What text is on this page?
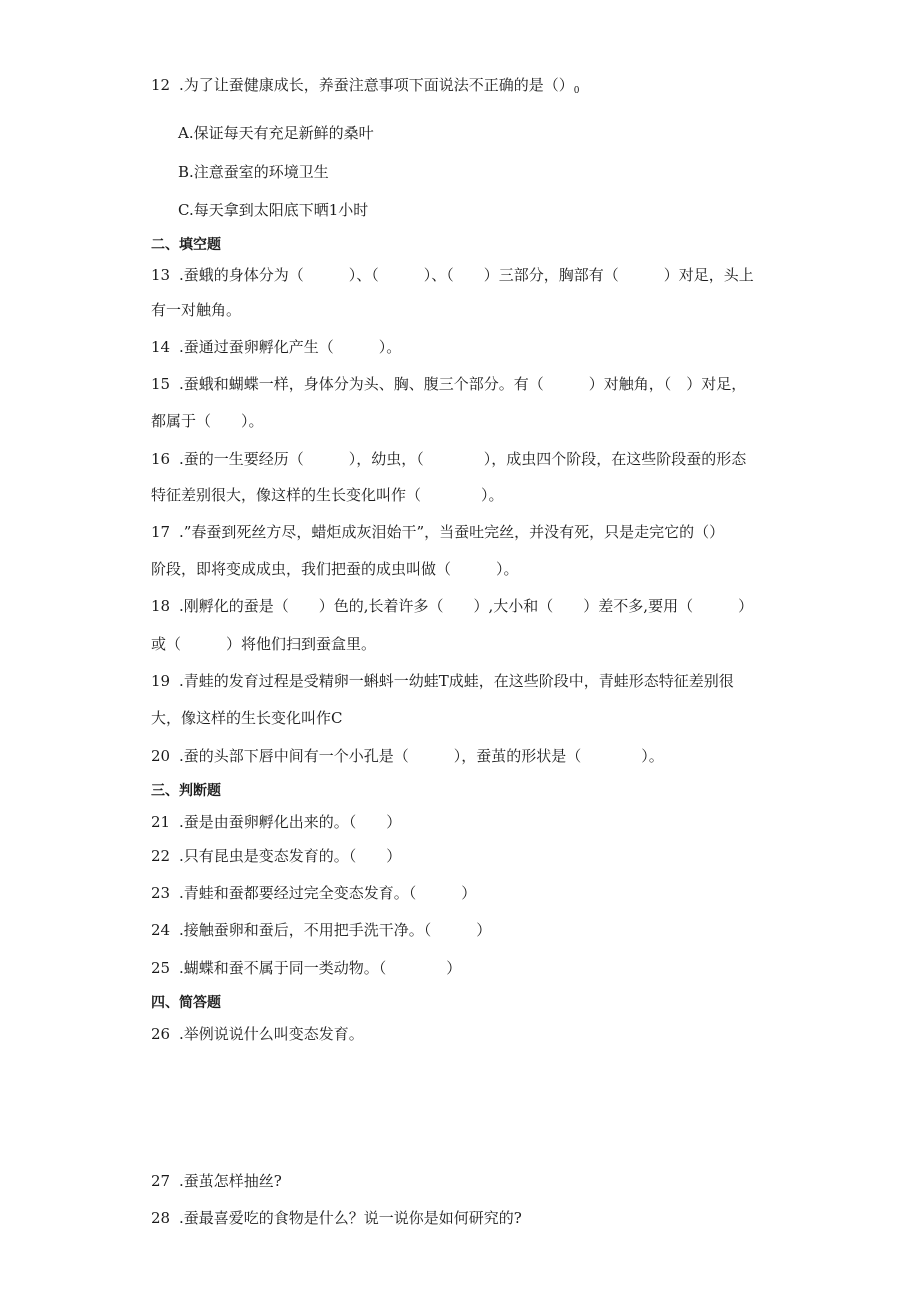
12 .为了让蚕健康成长，养蚕注意事项下面说法不正确的是$()_0$
A.保证每天有充足新鲜的桑叶
B.注意蚕室的环境卫生
C.每天拿到太阳底下晒1小时
二、填空题
13 .蚕蛾的身体分为（　　　）、（　　　）、（　　）三部分，胸部有（　　　）对足，头上
有一对触角。
14 .蚕通过蚕卵孵化产生（　　　）。
15 .蚕蛾和蝴蝶一样，身体分为头、胸、腹三个部分。有（　　　）对触角，（　）对足，
都属于（　　）。
16 .蚕的一生要经历（　　　），幼虫，（　　　　），成虫四个阶段，在这些阶段蚕的形态
特征差别很大，像这样的生长变化叫作（　　　　）。
17 .”春蚕到死丝方尽，蜡炬成灰泪始干”，当蚕吐完丝，并没有死，只是走完它的（）
阶段，即将变成成虫，我们把蚕的成虫叫做（　　　）。
18 .刚孵化的蚕是（　　）色的,长着许多（　　）,大小和（　　）差不多,要用（　　　）
或（　　　）将他们扫到蚕盒里。
19 .青蛙的发育过程是受精卵一蝌蚪一幼蛙T成蛙，在这些阶段中，青蛙形态特征差别很
大，像这样的生长变化叫作C
20 .蚕的头部下唇中间有一个小孔是（　　　），蚕茧的形状是（　　　　）。
三、判断题
21 .蚕是由蚕卵孵化出来的。（　　）
22 .只有昆虫是变态发育的。（　　）
23 .青蛙和蚕都要经过完全变态发育。（　　　）
24 .接触蚕卵和蚕后，不用把手洗干净。（　　　）
25 .蝴蝶和蚕不属于同一类动物。（　　　　）
四、简答题
26 .举例说说什么叫变态发育。
27 .蚕茧怎样抽丝?
28 .蚕最喜爱吃的食物是什么？说一说你是如何研究的?
